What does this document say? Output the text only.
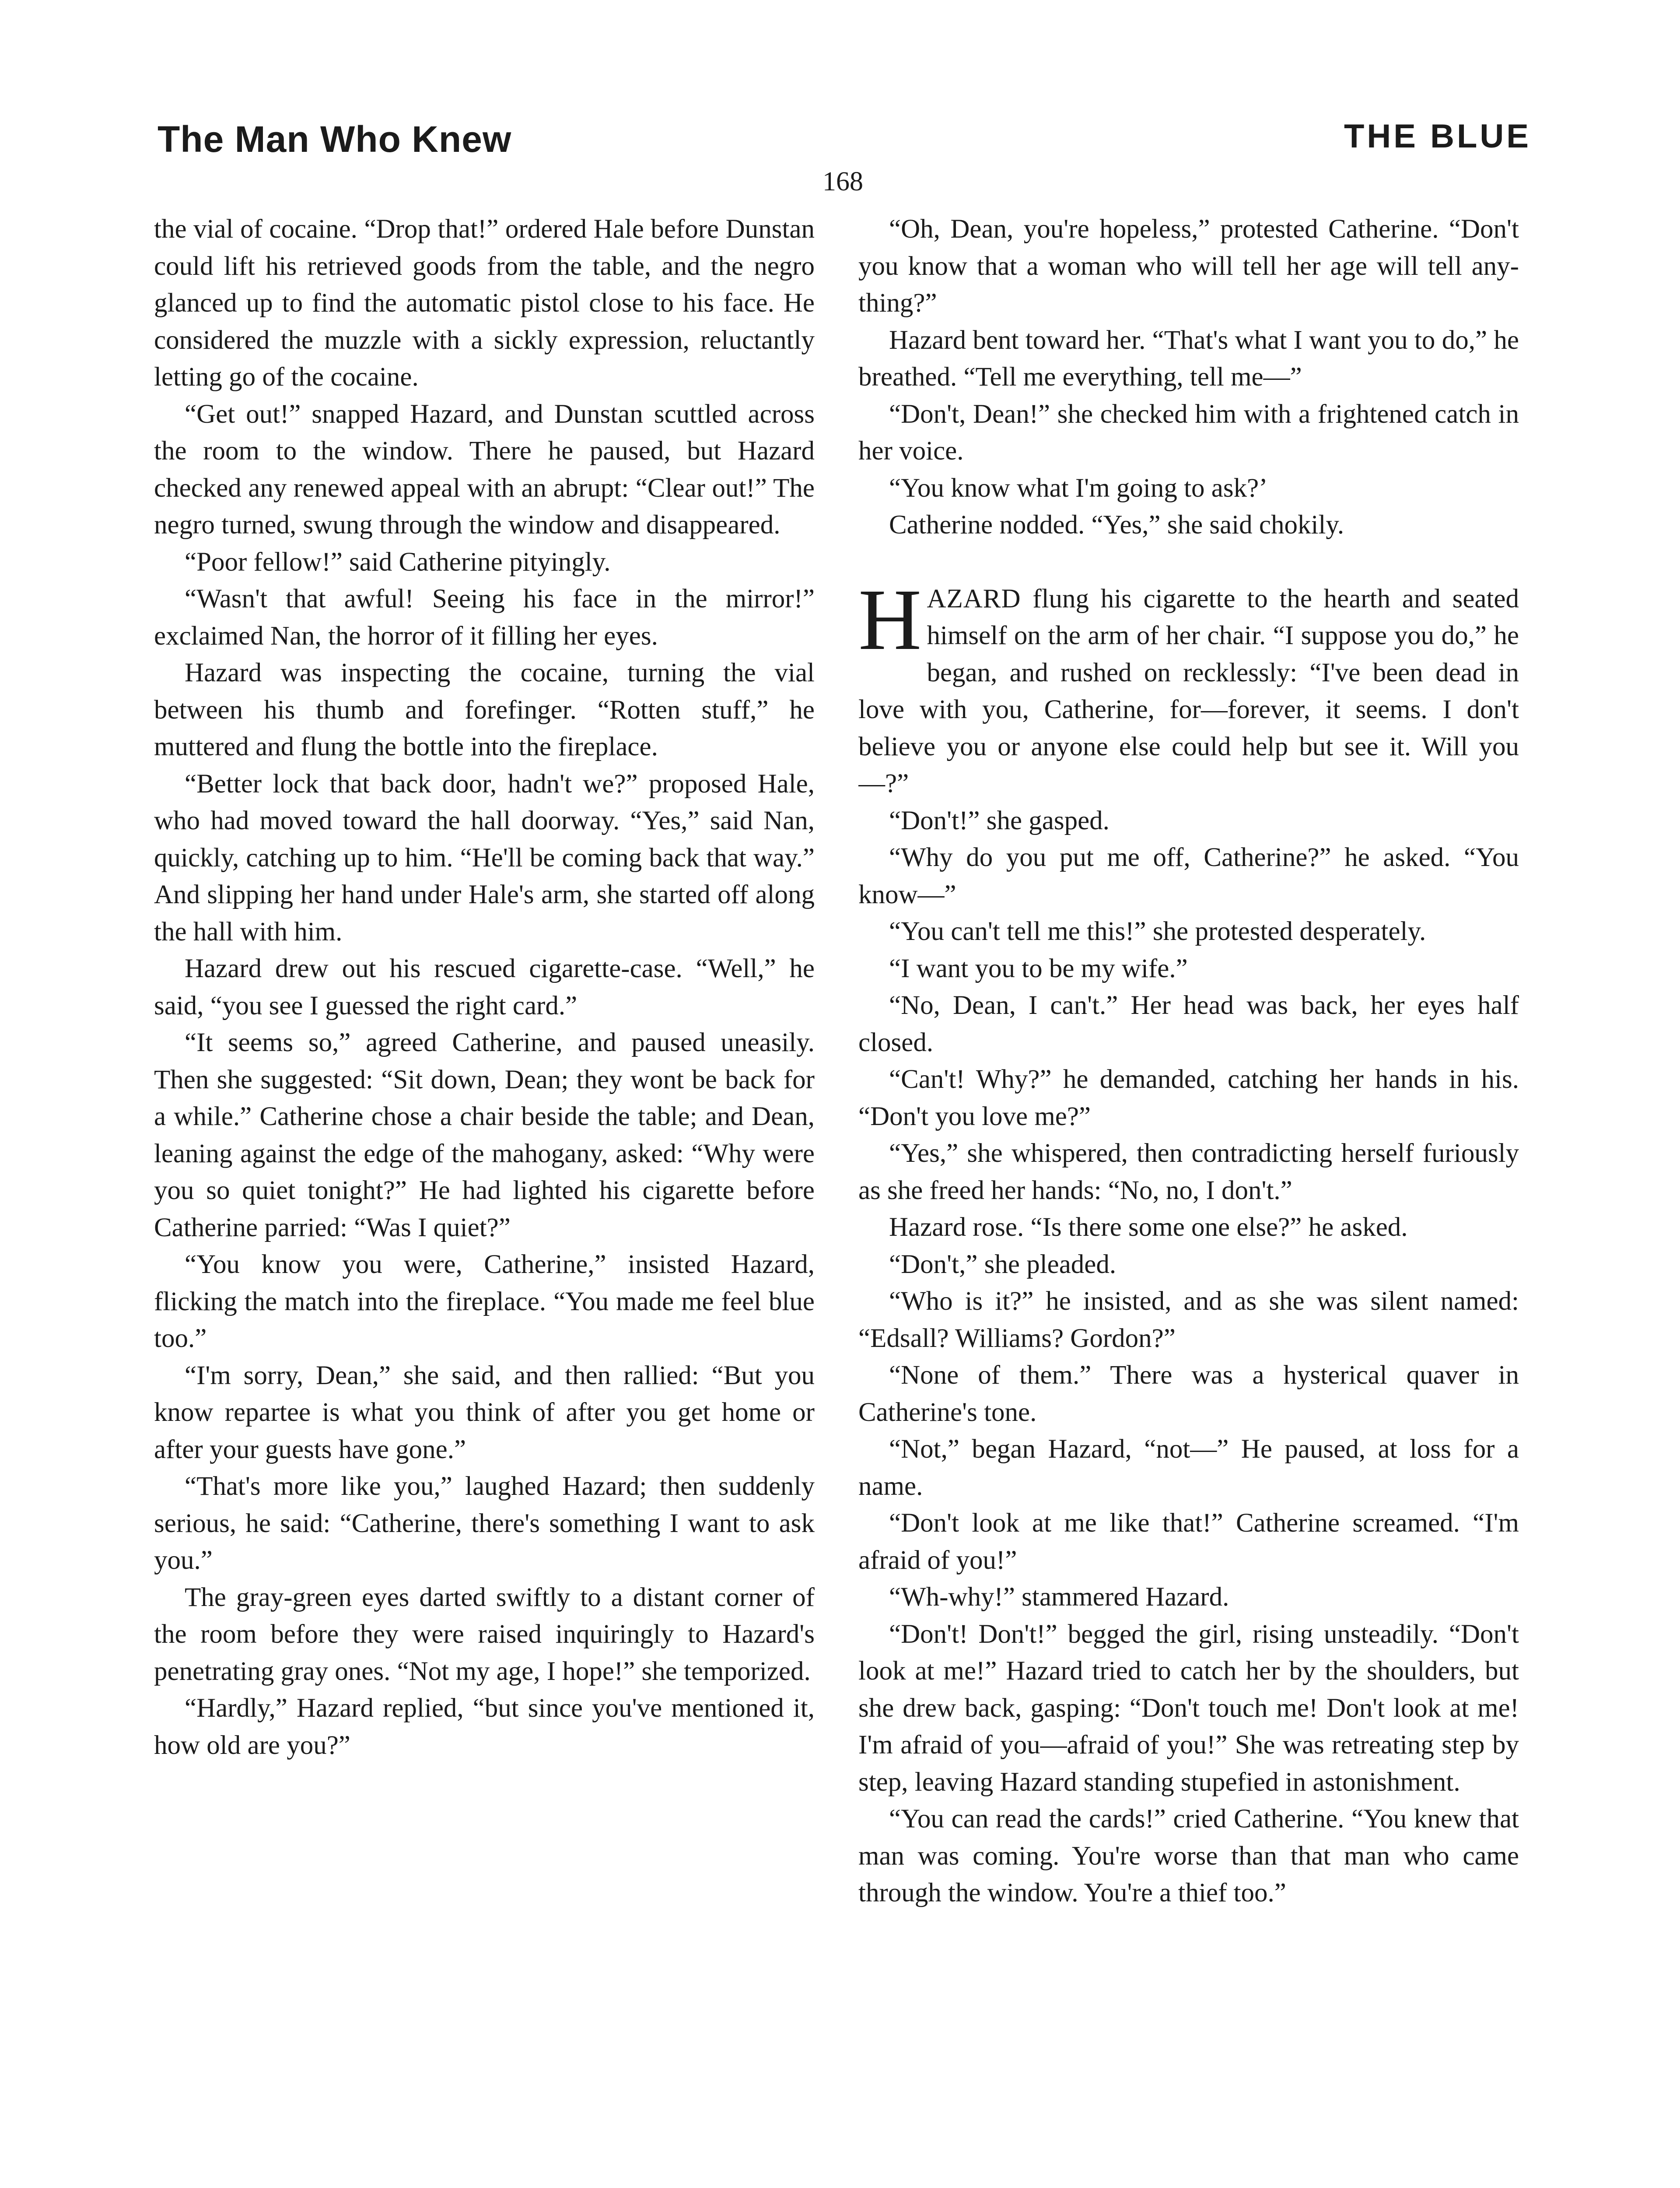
The Man Who Knew	THE BLUE
168

the vial of cocaine. “Drop that!” ordered Hale before Dunstan could lift his retrieved goods from the table, and the negro glanced up to find the automatic pistol close to his face. He considered the muzzle with a sickly expression, reluctantly letting go of the cocaine.

“Get out!” snapped Hazard, and Dunstan scuttled across the room to the window. There he paused, but Hazard checked any renewed appeal with an abrupt: “Clear out!” The negro turned, swung through the window and disappeared.

“Poor fellow!” said Catherine pityingly.

“Wasn't that awful! Seeing his face in the mirror!” exclaimed Nan, the horror of it filling her eyes.

Hazard was inspecting the cocaine, turning the vial between his thumb and forefinger. “Rotten stuff,” he muttered and flung the bottle into the fireplace.

“Better lock that back door, hadn't we?” proposed Hale, who had moved toward the hall doorway. “Yes,” said Nan, quickly, catching up to him. “He'll be coming back that way.” And slipping her hand under Hale's arm, she started off along the hall with him.

Hazard drew out his rescued cigarette-case. “Well,” he said, “you see I guessed the right card.”

“It seems so,” agreed Catherine, and paused uneasily. Then she suggested: “Sit down, Dean; they wont be back for a while.” Catherine chose a chair beside the table; and Dean, leaning against the edge of the mahogany, asked: “Why were you so quiet tonight?” He had lighted his cigarette before Catherine parried: “Was I quiet?”

“You know you were, Catherine,” insisted Hazard, flicking the match into the fireplace. “You made me feel blue too.”

“I'm sorry, Dean,” she said, and then rallied: “But you know repartee is what you think of after you get home or after your guests have gone.”

“That's more like you,” laughed Hazard; then suddenly serious, he said: “Catherine, there's something I want to ask you.”

The gray-green eyes darted swiftly to a distant corner of the room before they were raised inquiringly to Hazard's penetrating gray ones. “Not my age, I hope!” she temporized.

“Hardly,” Hazard replied, “but since you've mentioned it, how old are you?”

“Oh, Dean, you're hopeless,” protested Catherine. “Don't you know that a woman who will tell her age will tell anything?”

Hazard bent toward her. “That's what I want you to do,” he breathed. “Tell me everything, tell me—”

“Don't, Dean!” she checked him with a frightened catch in her voice.

“You know what I'm going to ask?’

Catherine nodded. “Yes,” she said chokily.

HAZARD flung his cigarette to the hearth and seated himself on the arm of her chair. “I suppose you do,” he began, and rushed on recklessly: “I've been dead in love with you, Catherine, for—forever, it seems. I don't believe you or anyone else could help but see it. Will you—?”

“Don't!” she gasped.

“Why do you put me off, Catherine?” he asked. “You know—”

“You can't tell me this!” she protested desperately.

“I want you to be my wife.”

“No, Dean, I can't.” Her head was back, her eyes half closed.

“Can't! Why?” he demanded, catching her hands in his. “Don't you love me?”

“Yes,” she whispered, then contradicting herself furiously as she freed her hands: “No, no, I don't.”

Hazard rose. “Is there some one else?” he asked.

“Don't,” she pleaded.

“Who is it?” he insisted, and as she was silent named: “Edsall? Williams? Gordon?”

“None of them.” There was a hysterical quaver in Catherine's tone.

“Not,” began Hazard, “not—” He paused, at loss for a name.

“Don't look at me like that!” Catherine screamed. “I'm afraid of you!”

“Wh-why!” stammered Hazard.

“Don't! Don't!” begged the girl, rising unsteadily. “Don't look at me!” Hazard tried to catch her by the shoulders, but she drew back, gasping: “Don't touch me! Don't look at me! I'm afraid of you—afraid of you!” She was retreating step by step, leaving Hazard standing stupefied in astonishment.

“You can read the cards!” cried Catherine. “You knew that man was coming. You're worse than that man who came through the window. You're a thief too.”
